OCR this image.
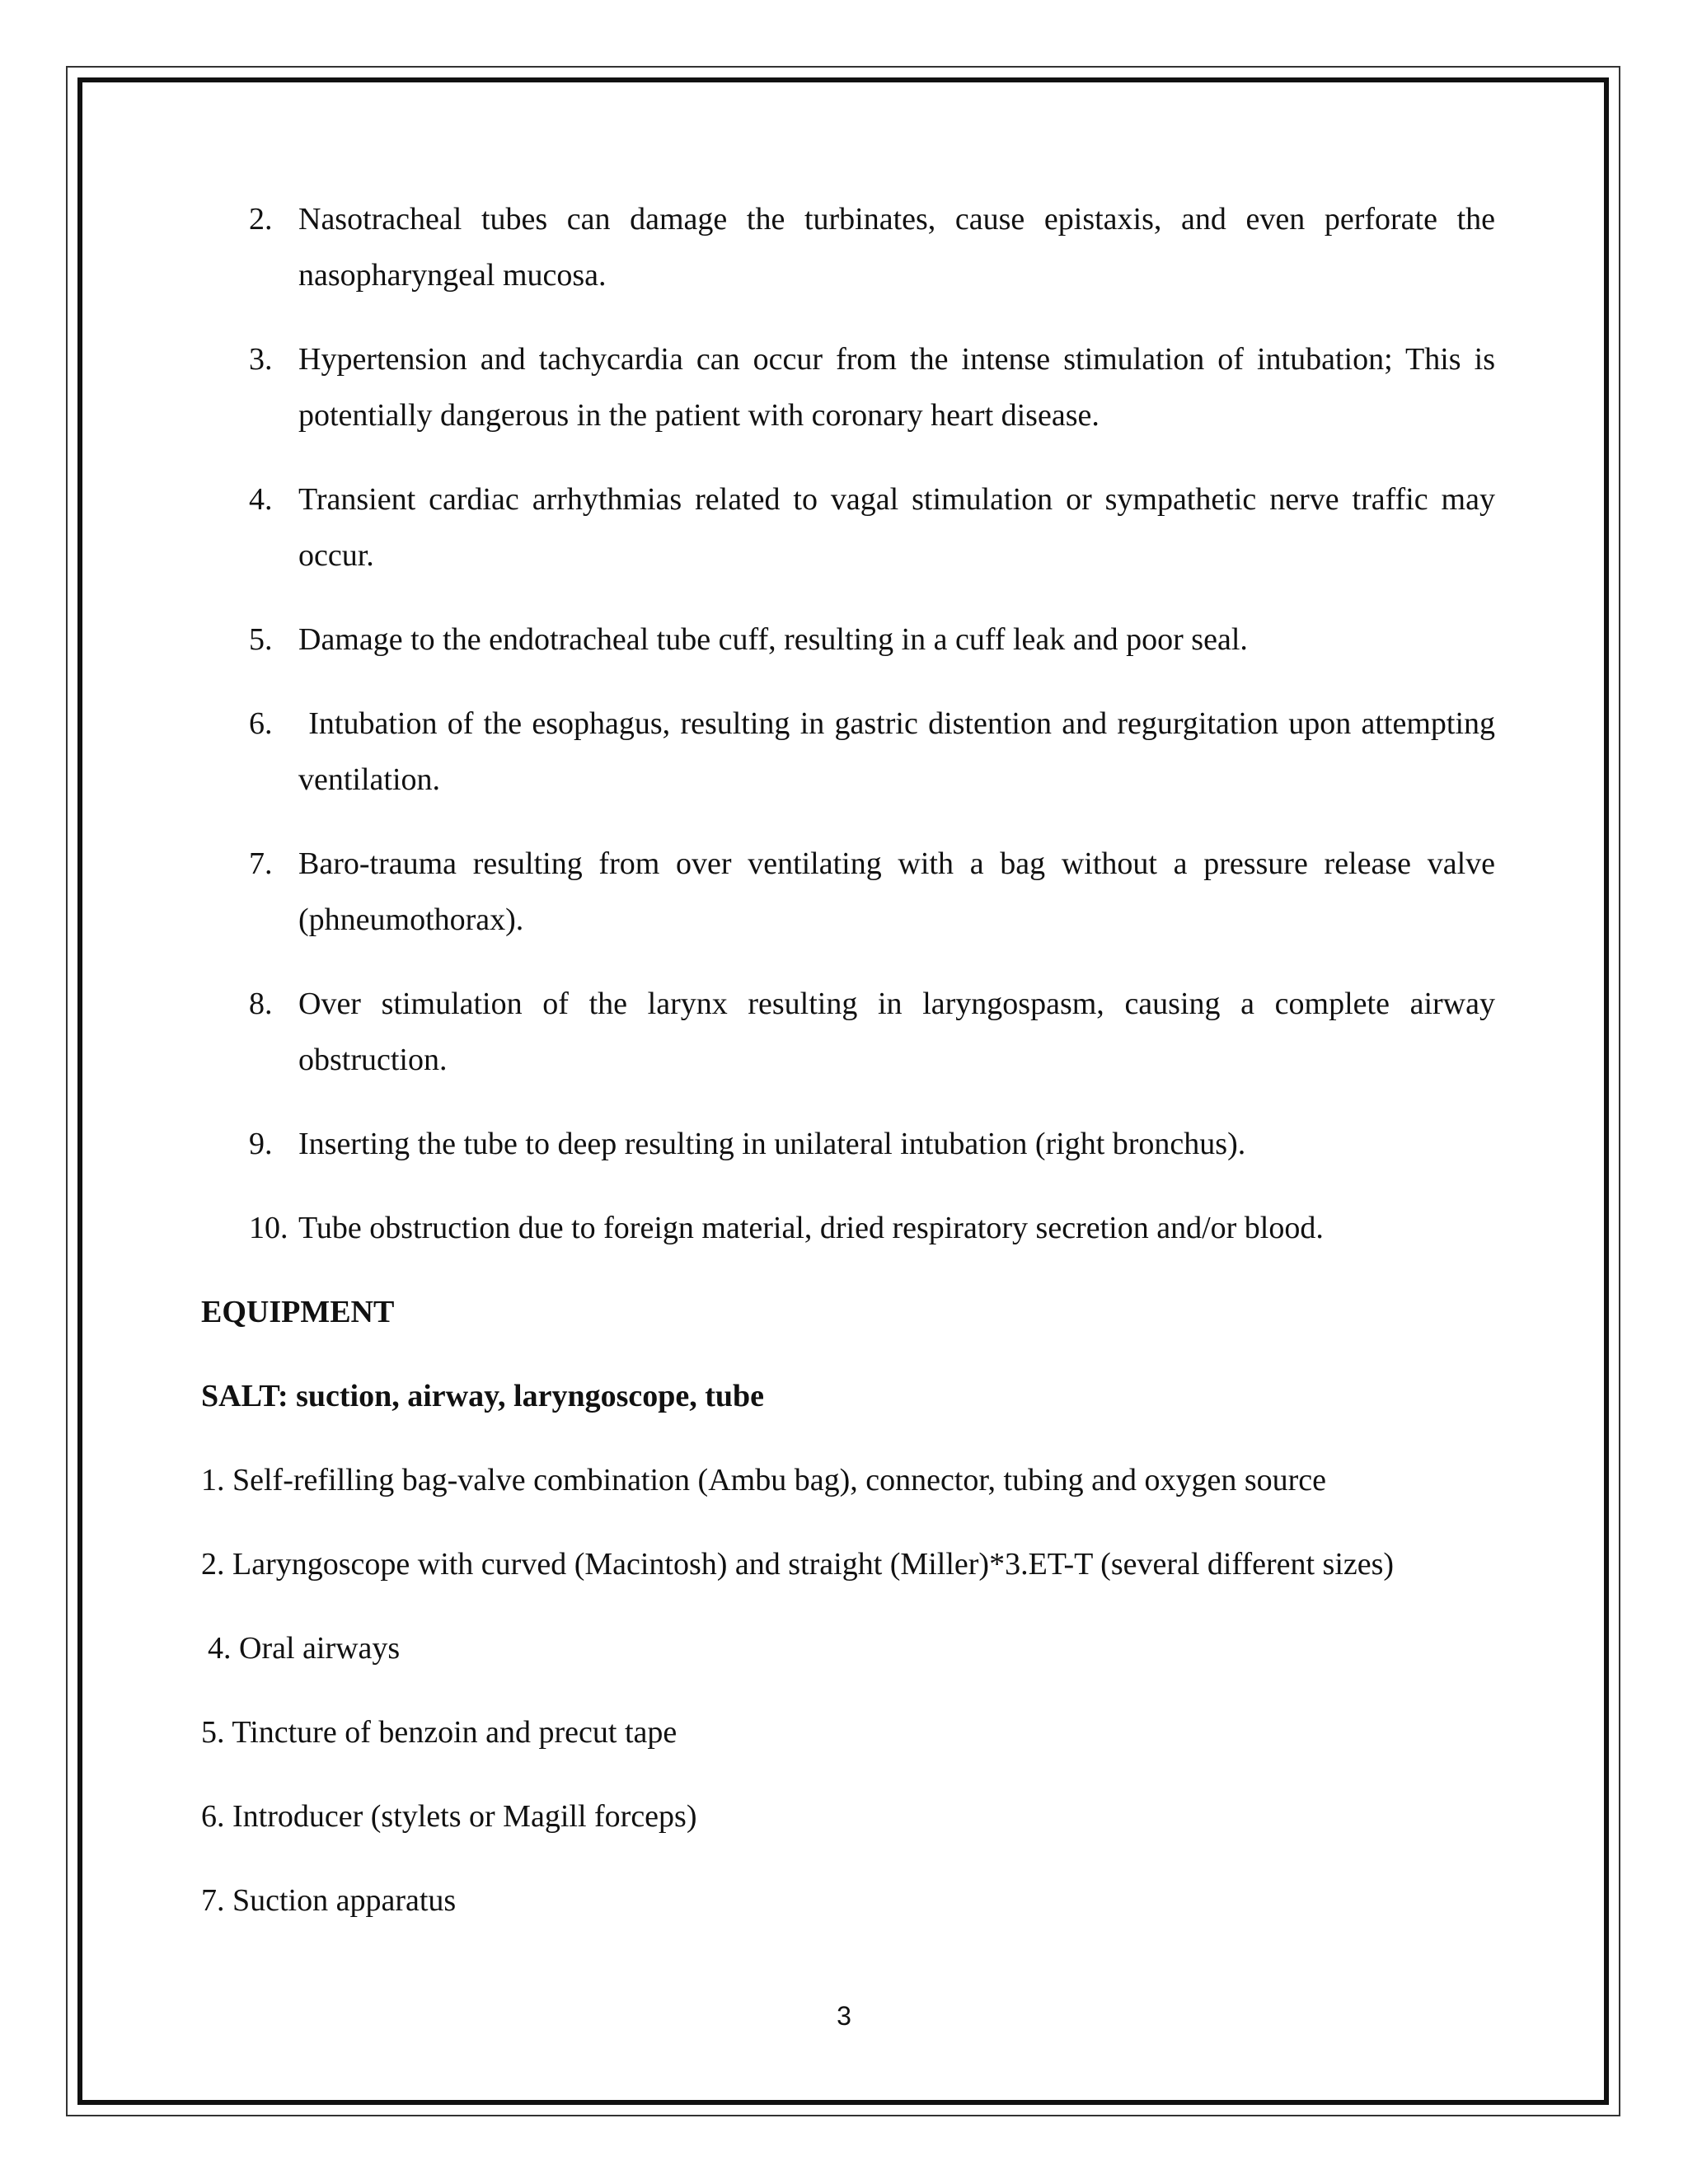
2. Nasotracheal tubes can damage the turbinates, cause epistaxis, and even perforate the nasopharyngeal mucosa.
3. Hypertension and tachycardia can occur from the intense stimulation of intubation; This is potentially dangerous in the patient with coronary heart disease.
4. Transient cardiac arrhythmias related to vagal stimulation or sympathetic nerve traffic may occur.
5. Damage to the endotracheal tube cuff, resulting in a cuff leak and poor seal.
6. Intubation of the esophagus, resulting in gastric distention and regurgitation upon attempting ventilation.
7. Baro-trauma resulting from over ventilating with a bag without a pressure release valve (phneumothorax).
8. Over stimulation of the larynx resulting in laryngospasm, causing a complete airway obstruction.
9. Inserting the tube to deep resulting in unilateral intubation (right bronchus).
10. Tube obstruction due to foreign material, dried respiratory secretion and/or blood.
EQUIPMENT
SALT: suction, airway, laryngoscope, tube
1. Self-refilling bag-valve combination (Ambu bag), connector, tubing and oxygen source
2. Laryngoscope with curved (Macintosh) and straight (Miller)*3.ET-T (several different sizes)
4. Oral airways
5. Tincture of benzoin and precut tape
6. Introducer (stylets or Magill forceps)
7. Suction apparatus
3
